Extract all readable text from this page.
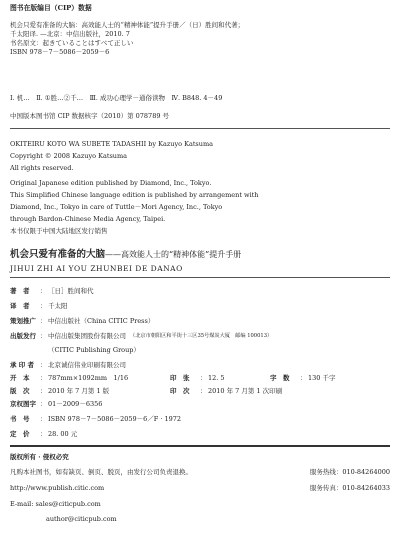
图书在版编目（CIP）数据
机会只爱有准备的大脑：高效能人士的“精神体能”提升手册／（日）胜间和代著；
千太阳译. —北京：中信出版社，2010. 7
书名原文：起きていることはすべて正しい
ISBN 978－7－5086－2059－6
Ⅰ. 机…　Ⅱ. ①胜…②千…　Ⅲ. 成功心理学－通俗读物　Ⅳ. B848. 4－49
中国版本图书馆 CIP 数据核字（2010）第 078789 号
OKITEIRU KOTO WA SUBETE TADASHII by Kazuyo Katsuma
Copyright © 2008 Kazuyo Katsuma
All rights reserved.
Original Japanese edition published by Diamond, Inc., Tokyo.
This Simplified Chinese language edition is published by arrangement with
Diamond, Inc., Tokyo in care of Tuttle－Mori Agency, Inc., Tokyo
through Bardon-Chinese Media Agency, Taipei.
本书仅限于中国大陆地区发行销售
机会只爱有准备的大脑——高效能人士的“精神体能”提升手册
JIHUI ZHI AI YOU ZHUNBEI DE DANAO
著　者	： ［日］胜间和代
译　者	： 千太阳
策划推广 ： 中信出版社（China CITIC Press）
出版发行 ： 中信出版集团股份有限公司 （北京市朝阳区和平街十三区35号煤炭大厦　邮编 100013）
（CITIC Publishing Group）
承 印 者 ： 北京诚信伟业印刷有限公司
开　本	： 787mm×1092mm　1/16	印　张	： 12. 5	字　数	： 130 千字
版　次	： 2010 年 7 月第 1 版	印　次	： 2010 年 7 月第 1 次印刷
京权图字 ： 01－2009－6356
书　号	： ISBN 978－7－5086－2059－6／F · 1972
定　价	： 28. 00 元
版权所有 · 侵权必究
凡购本社图书，如有缺页、倒页、脱页，由发行公司负责退换。	服务热线：010-84264000
http://www.publish.citic.com	服务传真：010-84264033
E-mail: sales@citicpub.com
author@citicpub.com
